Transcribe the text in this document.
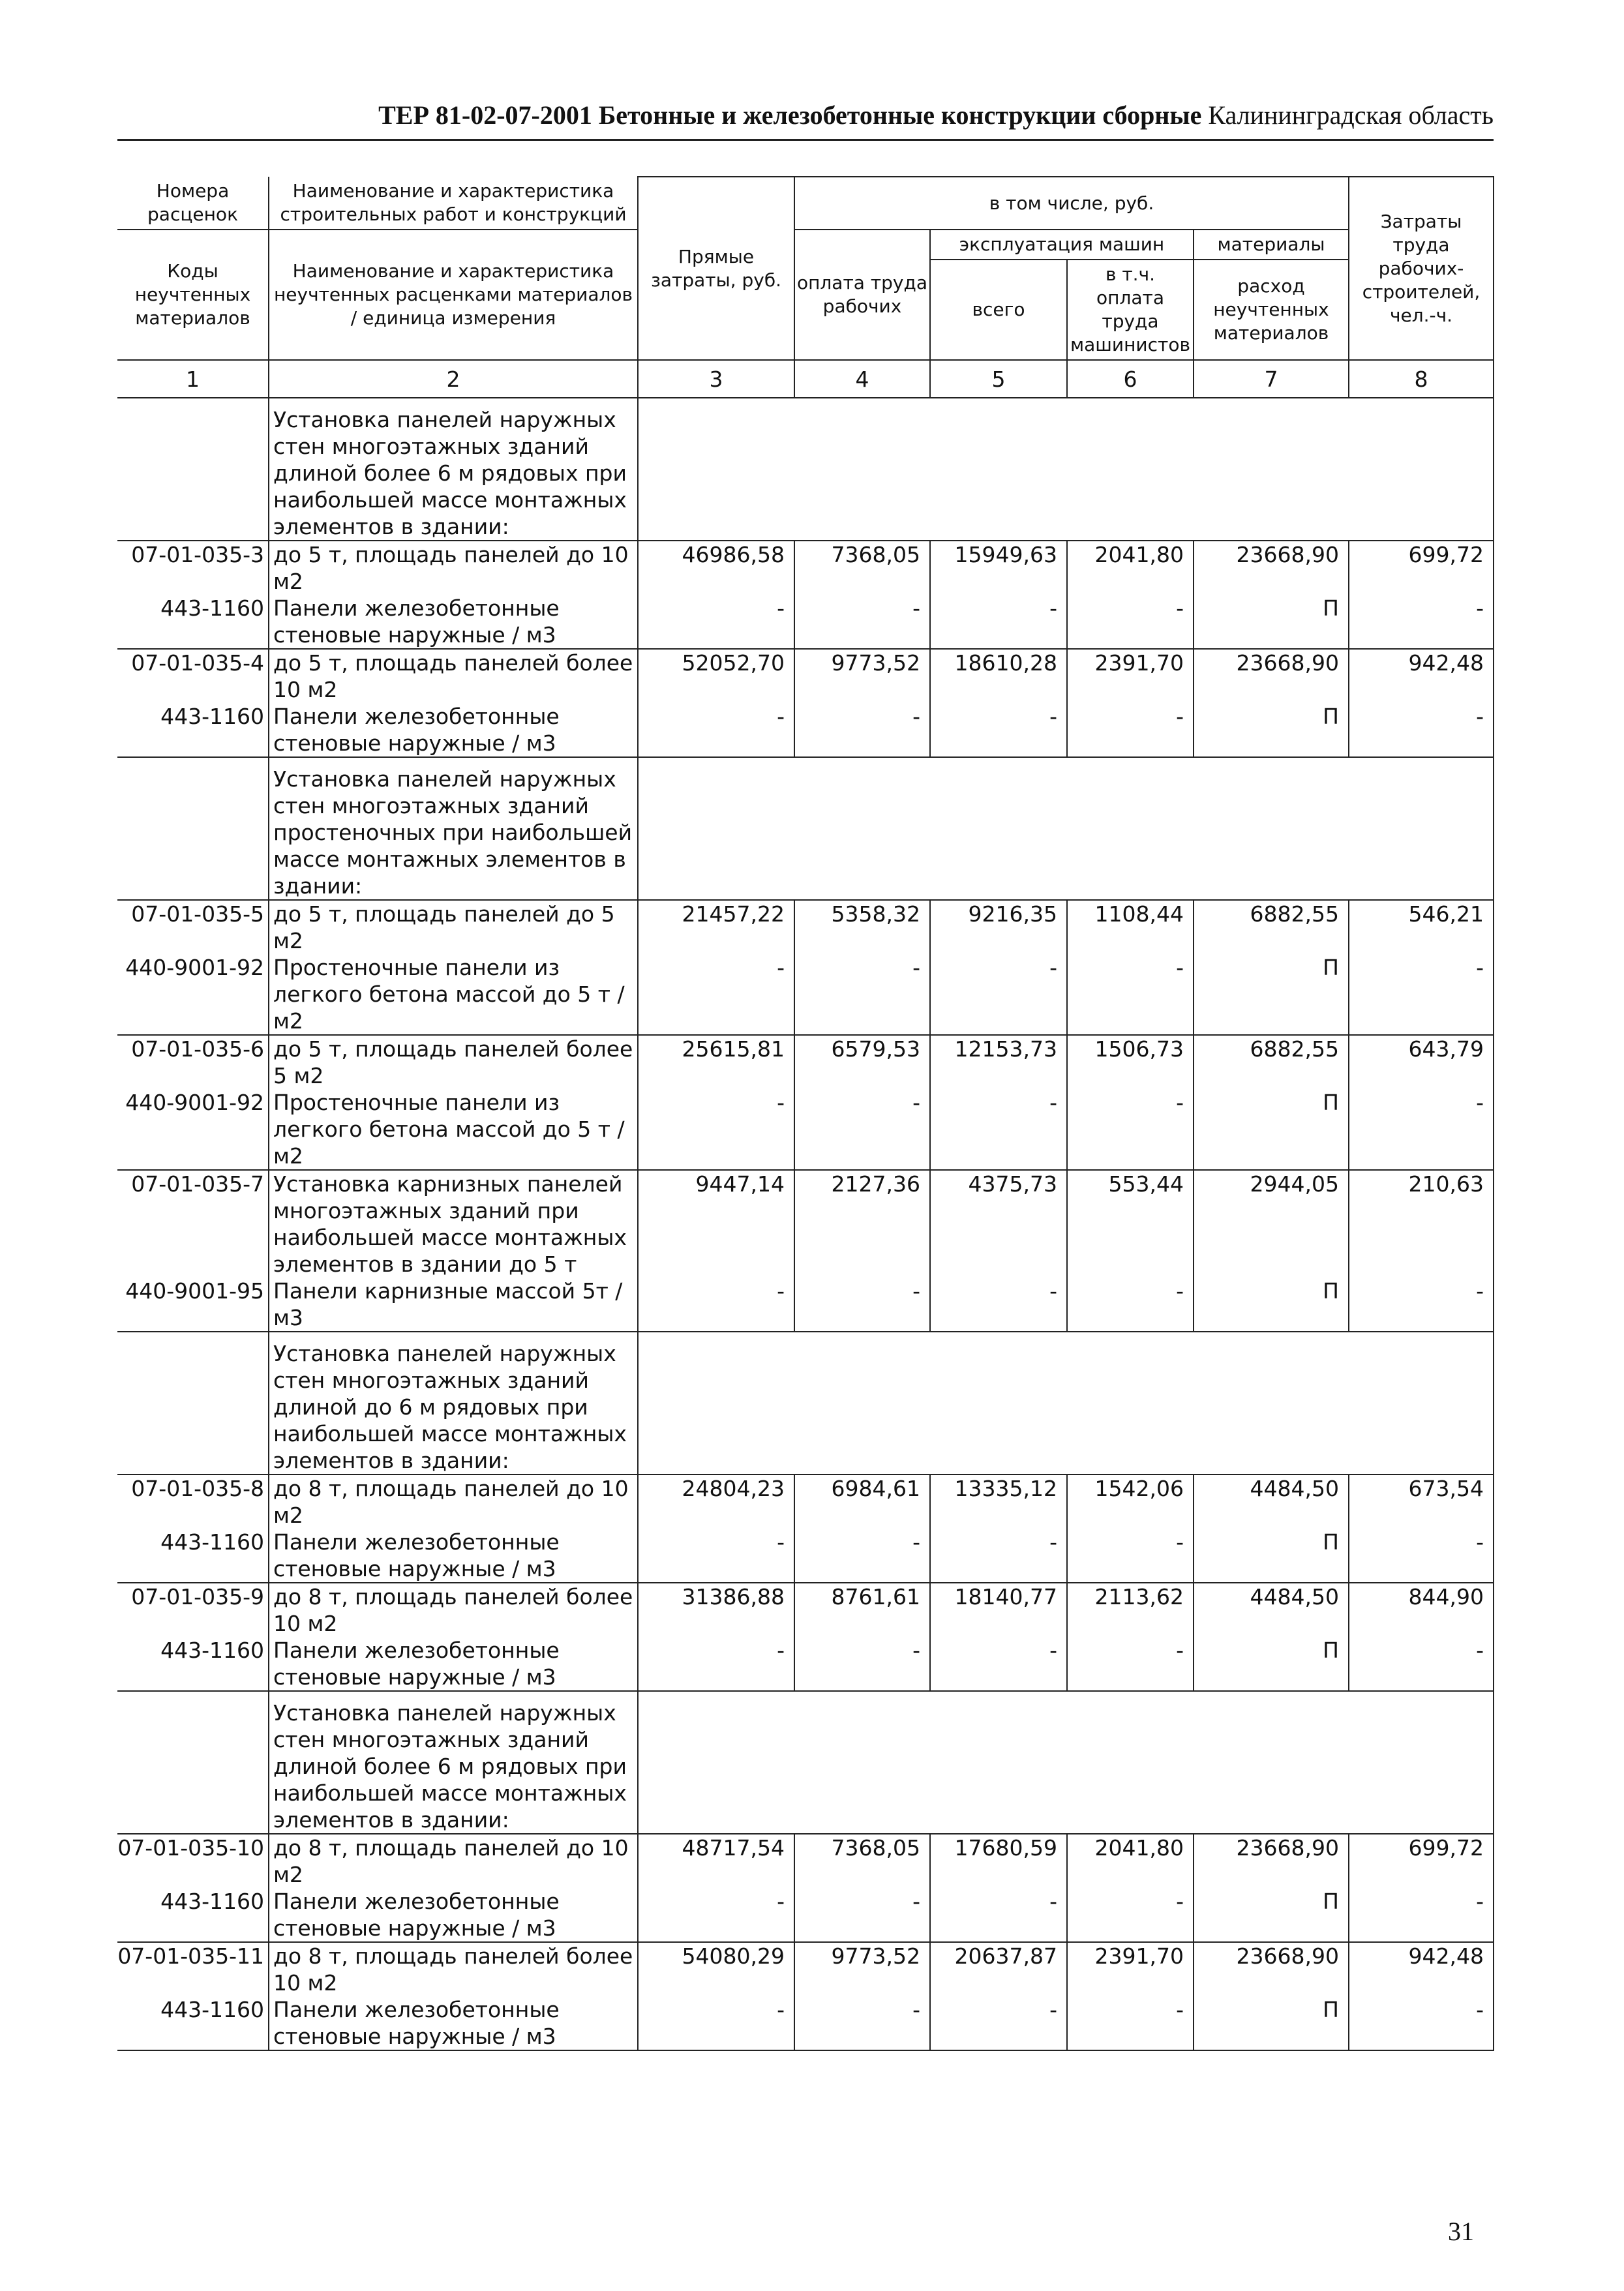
ТЕР 81-02-07-2001 Бетонные и железобетонные конструкции сборные Калининградская область
Номера расценок	Наименование и характеристика строительных работ и конструкций	Прямые затраты, руб.	в том числе, руб.				Затраты труда рабочих-строителей, чел.-ч.
Коды неучтенных материалов	Наименование и характеристика неучтенных расценками материалов / единица измерения		оплата труда рабочих	эксплуатация машин		материалы	
				всего	в т.ч. оплата труда машинистов	расход неучтенных материалов	
1	2	3	4	5	6	7	8
	Установка панелей наружных стен многоэтажных зданий длиной более 6 м рядовых при наибольшей массе монтажных элементов в здании:						
07-01-035-3	до 5 т, площадь панелей до 10 м2	46986,58	7368,05	15949,63	2041,80	23668,90	699,72
443-1160	Панели железобетонные стеновые наружные / м3	-	-	-	-	П	-
07-01-035-4	до 5 т, площадь панелей более 10 м2	52052,70	9773,52	18610,28	2391,70	23668,90	942,48
443-1160	Панели железобетонные стеновые наружные / м3	-	-	-	-	П	-
	Установка панелей наружных стен многоэтажных зданий простеночных при наибольшей массе монтажных элементов в здании:						
07-01-035-5	до 5 т, площадь панелей до 5 м2	21457,22	5358,32	9216,35	1108,44	6882,55	546,21
440-9001-92	Простеночные панели из легкого бетона массой до 5 т / м2	-	-	-	-	П	-
07-01-035-6	до 5 т, площадь панелей более 5 м2	25615,81	6579,53	12153,73	1506,73	6882,55	643,79
440-9001-92	Простеночные панели из легкого бетона массой до 5 т / м2	-	-	-	-	П	-
07-01-035-7	Установка карнизных панелей многоэтажных зданий при наибольшей массе монтажных элементов в здании до 5 т	9447,14	2127,36	4375,73	553,44	2944,05	210,63
440-9001-95	Панели карнизные массой 5т / м3	-	-	-	-	П	-
	Установка панелей наружных стен многоэтажных зданий длиной до 6 м рядовых при наибольшей массе монтажных элементов в здании:						
07-01-035-8	до 8 т, площадь панелей до 10 м2	24804,23	6984,61	13335,12	1542,06	4484,50	673,54
443-1160	Панели железобетонные стеновые наружные / м3	-	-	-	-	П	-
07-01-035-9	до 8 т, площадь панелей более 10 м2	31386,88	8761,61	18140,77	2113,62	4484,50	844,90
443-1160	Панели железобетонные стеновые наружные / м3	-	-	-	-	П	-
	Установка панелей наружных стен многоэтажных зданий длиной более 6 м рядовых при наибольшей массе монтажных элементов в здании:						
07-01-035-10	до 8 т, площадь панелей до 10 м2	48717,54	7368,05	17680,59	2041,80	23668,90	699,72
443-1160	Панели железобетонные стеновые наружные / м3	-	-	-	-	П	-
07-01-035-11	до 8 т, площадь панелей более 10 м2	54080,29	9773,52	20637,87	2391,70	23668,90	942,48
443-1160	Панели железобетонные стеновые наружные / м3	-	-	-	-	П	-
31
